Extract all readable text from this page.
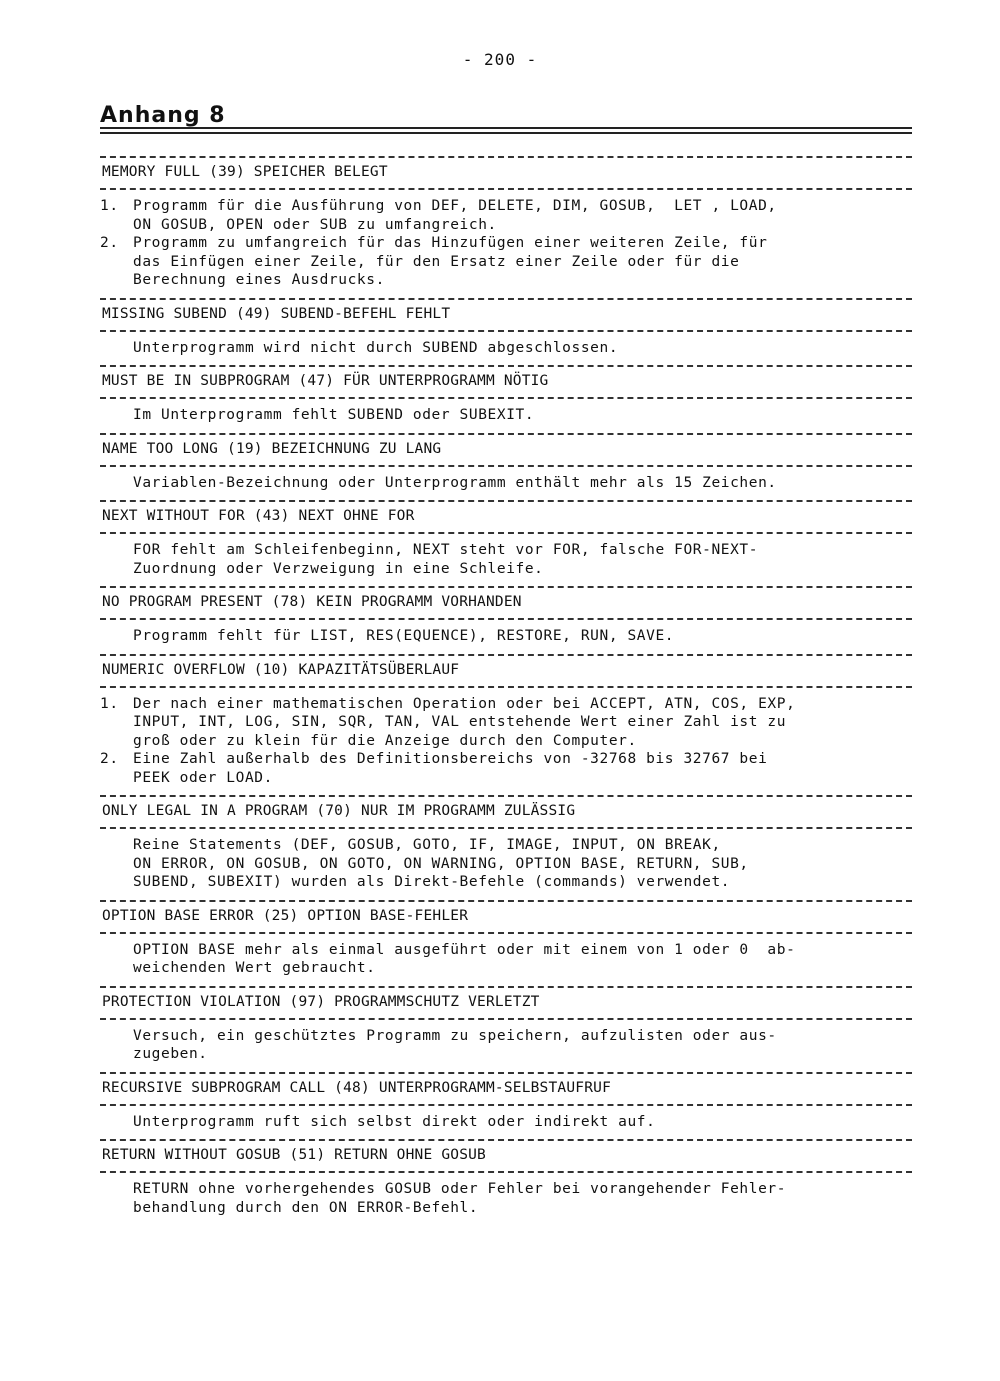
- 200 -
Anhang 8
MEMORY FULL (39) SPEICHER BELEGT
1. Programm für die Ausführung von DEF, DELETE, DIM, GOSUB,  LET , LOAD,
ON GOSUB, OPEN oder SUB zu umfangreich.
2. Programm zu umfangreich für das Hinzufügen einer weiteren Zeile, für
das Einfügen einer Zeile, für den Ersatz einer Zeile oder für die
Berechnung eines Ausdrucks.
MISSING SUBEND (49) SUBEND-BEFEHL FEHLT
Unterprogramm wird nicht durch SUBEND abgeschlossen.
MUST BE IN SUBPROGRAM (47) FÜR UNTERPROGRAMM NÖTIG
Im Unterprogramm fehlt SUBEND oder SUBEXIT.
NAME TOO LONG (19) BEZEICHNUNG ZU LANG
Variablen-Bezeichnung oder Unterprogramm enthält mehr als 15 Zeichen.
NEXT WITHOUT FOR (43) NEXT OHNE FOR
FOR fehlt am Schleifenbeginn, NEXT steht vor FOR, falsche FOR-NEXT-
Zuordnung oder Verzweigung in eine Schleife.
NO PROGRAM PRESENT (78) KEIN PROGRAMM VORHANDEN
Programm fehlt für LIST, RES(EQUENCE), RESTORE, RUN, SAVE.
NUMERIC OVERFLOW (10) KAPAZITÄTSÜBERLAUF
1. Der nach einer mathematischen Operation oder bei ACCEPT, ATN, COS, EXP,
INPUT, INT, LOG, SIN, SQR, TAN, VAL entstehende Wert einer Zahl ist zu
groß oder zu klein für die Anzeige durch den Computer.
2. Eine Zahl außerhalb des Definitionsbereichs von -32768 bis 32767 bei
PEEK oder LOAD.
ONLY LEGAL IN A PROGRAM (70) NUR IM PROGRAMM ZULÄSSIG
Reine Statements (DEF, GOSUB, GOTO, IF, IMAGE, INPUT, ON BREAK,
ON ERROR, ON GOSUB, ON GOTO, ON WARNING, OPTION BASE, RETURN, SUB,
SUBEND, SUBEXIT) wurden als Direkt-Befehle (commands) verwendet.
OPTION BASE ERROR (25) OPTION BASE-FEHLER
OPTION BASE mehr als einmal ausgeführt oder mit einem von 1 oder 0  ab-
weichenden Wert gebraucht.
PROTECTION VIOLATION (97) PROGRAMMSCHUTZ VERLETZT
Versuch, ein geschütztes Programm zu speichern, aufzulisten oder aus-
zugeben.
RECURSIVE SUBPROGRAM CALL (48) UNTERPROGRAMM-SELBSTAUFRUF
Unterprogramm ruft sich selbst direkt oder indirekt auf.
RETURN WITHOUT GOSUB (51) RETURN OHNE GOSUB
RETURN ohne vorhergehendes GOSUB oder Fehler bei vorangehender Fehler-
behandlung durch den ON ERROR-Befehl.
